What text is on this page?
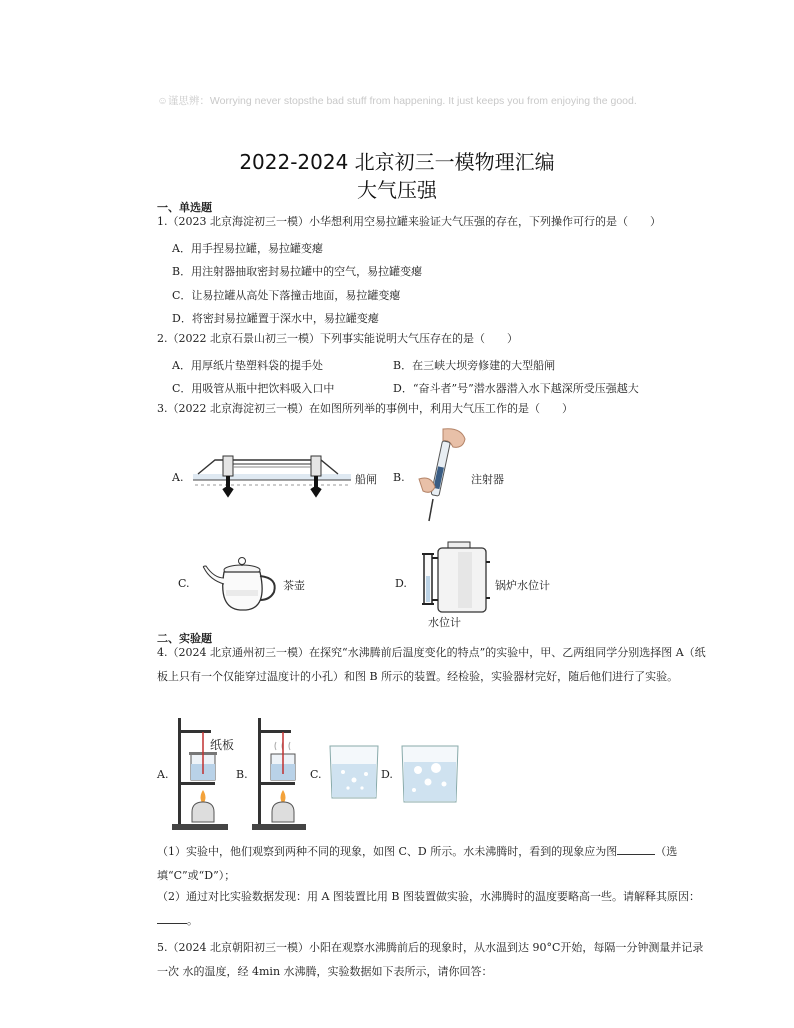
☺谨思辨：Worrying never stopsthe bad stuff from happening. It just keeps you from enjoying the good.
2022-2024 北京初三一模物理汇编
大气压强
一、单选题
1.（2023 北京海淀初三一模）小华想利用空易拉罐来验证大气压强的存在，下列操作可行的是（　　）
A．用手捏易拉罐，易拉罐变瘪
B．用注射器抽取密封易拉罐中的空气，易拉罐变瘪
C．让易拉罐从高处下落撞击地面，易拉罐变瘪
D．将密封易拉罐置于深水中，易拉罐变瘪
2.（2022 北京石景山初三一模）下列事实能说明大气压存在的是（　　）
A．用厚纸片垫塑料袋的提手处	B．在三峡大坝旁修建的大型船闸
C．用吸管从瓶中把饮料吸入口中	D．“奋斗者”号”潜水器潜入水下越深所受压强越大
3.（2022 北京海淀初三一模）在如图所列举的事例中，利用大气压工作的是（　　）
A.	船闸 B.	注射器
C.	茶壶	D.	锅炉水位计
水位计
二、实验题
4.（2024 北京通州初三一模）在探究“水沸腾前后温度变化的特点”的实验中，甲、乙两组同学分别选择图 A（纸板上只有一个仅能穿过温度计的小孔）和图 B 所示的装置。经检验，实验器材完好，随后他们进行了实验。
A.
纸板
B.	C.	D.
（1）实验中，他们观察到两种不同的现象，如图 C、D 所示。水未沸腾时，看到的现象应为图	（选填“C”或“D”）；
（2）通过对比实验数据发现：用 A 图装置比用 B 图装置做实验，水沸腾时的温度要略高一些。请解释其原因：。
5.（2024 北京朝阳初三一模）小阳在观察水沸腾前后的现象时，从水温到达 90°C开始，每隔一分钟测量并记录一次 水的温度，经 4min 水沸腾，实验数据如下表所示，请你回答：
